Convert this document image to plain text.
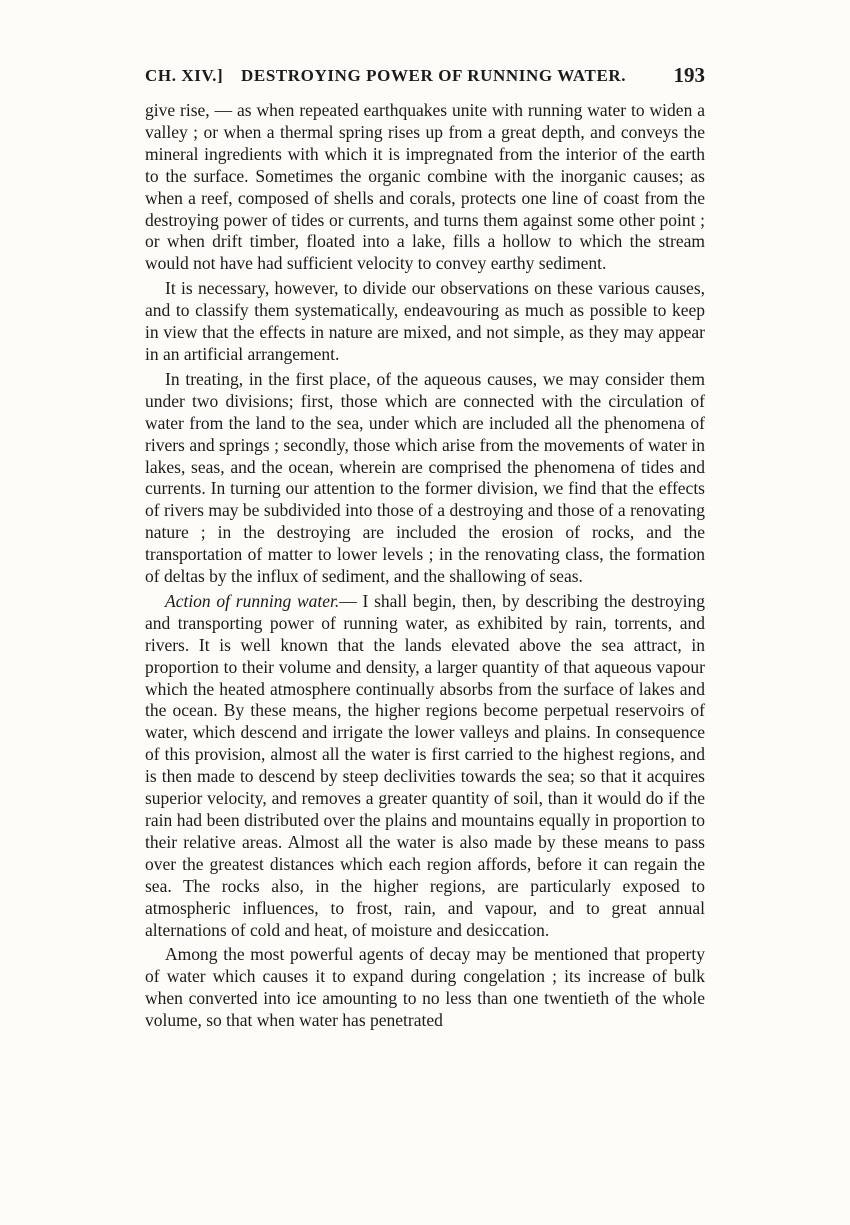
CH. XIV.] DESTROYING POWER OF RUNNING WATER. 193

give rise, — as when repeated earthquakes unite with running water to widen a valley ; or when a thermal spring rises up from a great depth, and conveys the mineral ingredients with which it is impregnated from the interior of the earth to the surface. Sometimes the organic combine with the inorganic causes; as when a reef, composed of shells and corals, protects one line of coast from the destroying power of tides or currents, and turns them against some other point ; or when drift timber, floated into a lake, fills a hollow to which the stream would not have had sufficient velocity to convey earthy sediment.

It is necessary, however, to divide our observations on these various causes, and to classify them systematically, endeavouring as much as possible to keep in view that the effects in nature are mixed, and not simple, as they may appear in an artificial arrangement.

In treating, in the first place, of the aqueous causes, we may consider them under two divisions; first, those which are connected with the circulation of water from the land to the sea, under which are included all the phenomena of rivers and springs ; secondly, those which arise from the movements of water in lakes, seas, and the ocean, wherein are comprised the phenomena of tides and currents. In turning our attention to the former division, we find that the effects of rivers may be subdivided into those of a destroying and those of a renovating nature ; in the destroying are included the erosion of rocks, and the transportation of matter to lower levels ; in the renovating class, the formation of deltas by the influx of sediment, and the shallowing of seas.

Action of running water.— I shall begin, then, by describing the destroying and transporting power of running water, as exhibited by rain, torrents, and rivers. It is well known that the lands elevated above the sea attract, in proportion to their volume and density, a larger quantity of that aqueous vapour which the heated atmosphere continually absorbs from the surface of lakes and the ocean. By these means, the higher regions become perpetual reservoirs of water, which descend and irrigate the lower valleys and plains. In consequence of this provision, almost all the water is first carried to the highest regions, and is then made to descend by steep declivities towards the sea; so that it acquires superior velocity, and removes a greater quantity of soil, than it would do if the rain had been distributed over the plains and mountains equally in proportion to their relative areas. Almost all the water is also made by these means to pass over the greatest distances which each region affords, before it can regain the sea. The rocks also, in the higher regions, are particularly exposed to atmospheric influences, to frost, rain, and vapour, and to great annual alternations of cold and heat, of moisture and desiccation.

Among the most powerful agents of decay may be mentioned that property of water which causes it to expand during congelation ; its increase of bulk when converted into ice amounting to no less than one twentieth of the whole volume, so that when water has penetrated
